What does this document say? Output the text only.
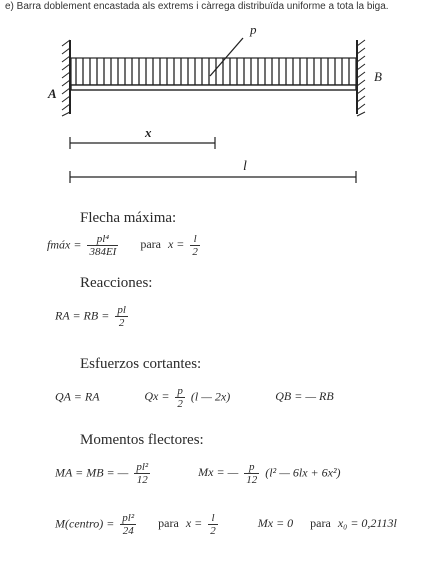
e) Barra doblement encastada als extrems i càrrega distribuïda uniforme a tota la biga.
p
A
B
x
l
Flecha máxima:
fmáx = $\frac{\text{pl⁴}}{384EI}$ para $x = \frac{l}{2}$
Reacciones:
RA = RB = $\frac{pl}{2}$
Esfuerzos cortantes:
QA = RA	$Qx = \frac{p}{2} (l$ — 2x)	QB = — RB
Momentos flectores:
MA = MB = — $\frac{\text{pl²}}{12}$	Mx = — $\frac{p}{12} (l^2$ — 6lx + 6x²)
M(centro) = $\frac{\text{pl²}}{24}$ para $x = \frac{l}{2}$	Mx = 0 para x₀ = 0,2113l
